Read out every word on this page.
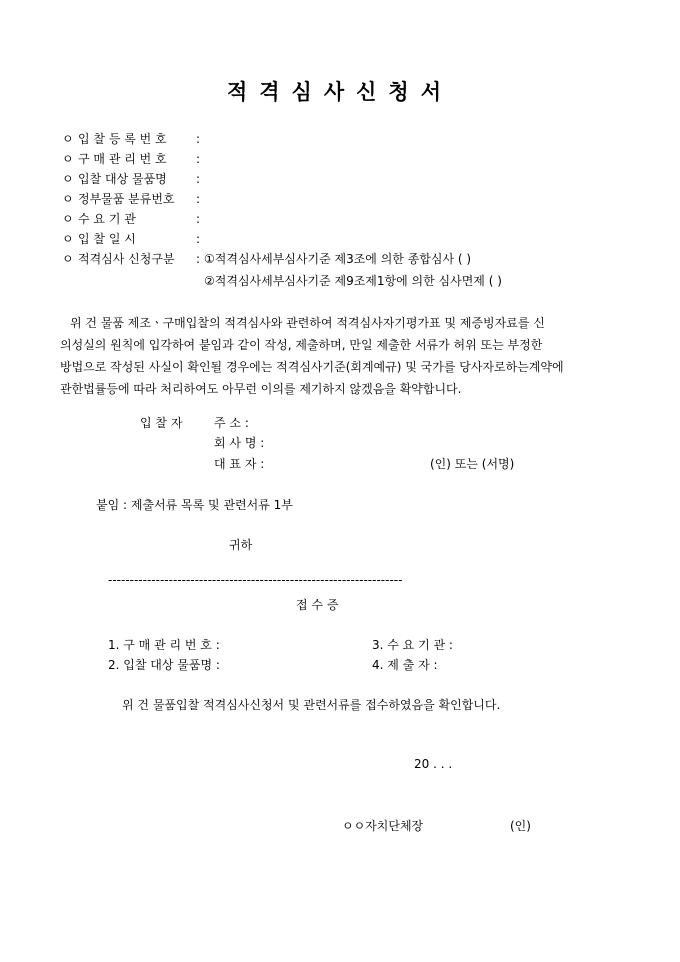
적격심사신청서
ㅇ 입 찰 등 록 번 호 :
ㅇ 구 매 관 리 번 호 :
ㅇ 입찰 대상 물품명 :
ㅇ 정부물품 분류번호 :
ㅇ 수 요 기 관	:
ㅇ 입 찰 일 시	:
ㅇ 적격심사 신청구분 : ①적격심사세부심사기준 제3조에 의한 종합심사 ( )
②적격심사세부심사기준 제9조제1항에 의한 심사면제 ( )

위 건 물품 제조ㆍ구매입찰의 적격심사와 관련하여 적격심사자기평가표 및 제증빙자료를 신

의성실의 원칙에 입각하여 붙임과 같이 작성, 제출하며, 만일 제출한 서류가 허위 또는 부정한

방법으로 작성된 사실이 확인될 경우에는 적격심사기준(회계예규) 및 국가를 당사자로하는계약에

관한법률등에 따라 처리하여도 아무런 이의를 제기하지 않겠음을 확약합니다.

입 찰 자	주 소 :
회 사 명 :
대 표 자 :	(인) 또는 (서명)
붙임 : 제출서류 목록 및 관련서류 1부
귀하
--------------------------------------------------------------------
접 수 증
1. 구 매 관 리 번 호 :
2. 입찰 대상 물품명 :
3. 수 요 기 관 :
4. 제 출 자 :
위 건 물품입찰 적격심사신청서 및 관련서류를 접수하였음을 확인합니다.
20 . . .
ㅇㅇ자치단체장	(인)
